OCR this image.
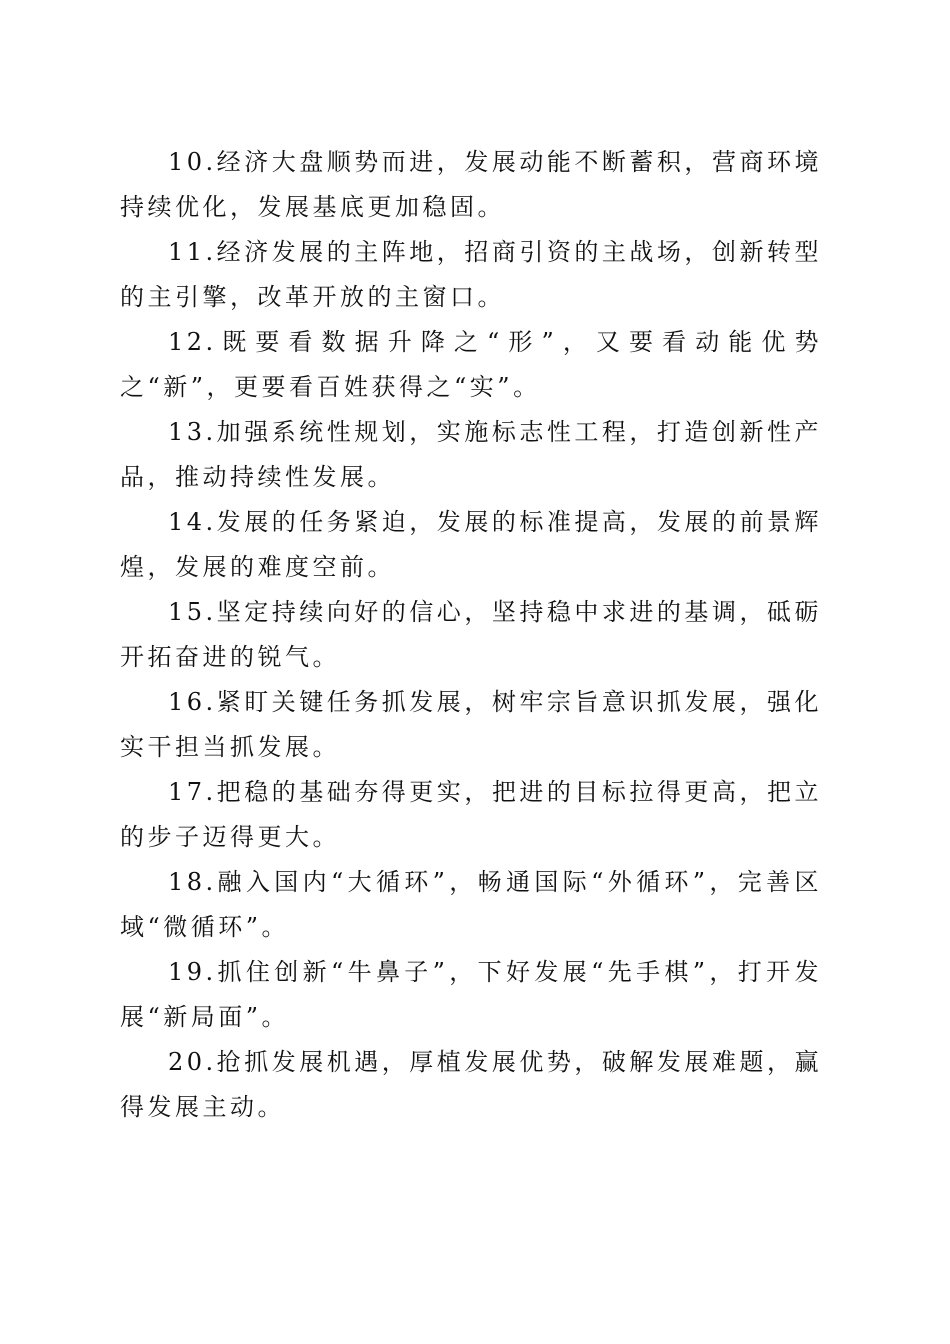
10.经济大盘顺势而进，发展动能不断蓄积，营商环境持续优化，发展基底更加稳固。

11.经济发展的主阵地，招商引资的主战场，创新转型的主引擎，改革开放的主窗口。

12.既要看数据升降之“形”，又要看动能优势之“新”，更要看百姓获得之“实”。

13.加强系统性规划，实施标志性工程，打造创新性产品，推动持续性发展。

14.发展的任务紧迫，发展的标准提高，发展的前景辉煌，发展的难度空前。

15.坚定持续向好的信心，坚持稳中求进的基调，砥砺开拓奋进的锐气。

16.紧盯关键任务抓发展，树牢宗旨意识抓发展，强化实干担当抓发展。

17.把稳的基础夯得更实，把进的目标拉得更高，把立的步子迈得更大。

18.融入国内“大循环”，畅通国际“外循环”，完善区域“微循环”。

19.抓住创新“牛鼻子”，下好发展“先手棋”，打开发展“新局面”。

20.抢抓发展机遇，厚植发展优势，破解发展难题，赢得发展主动。
